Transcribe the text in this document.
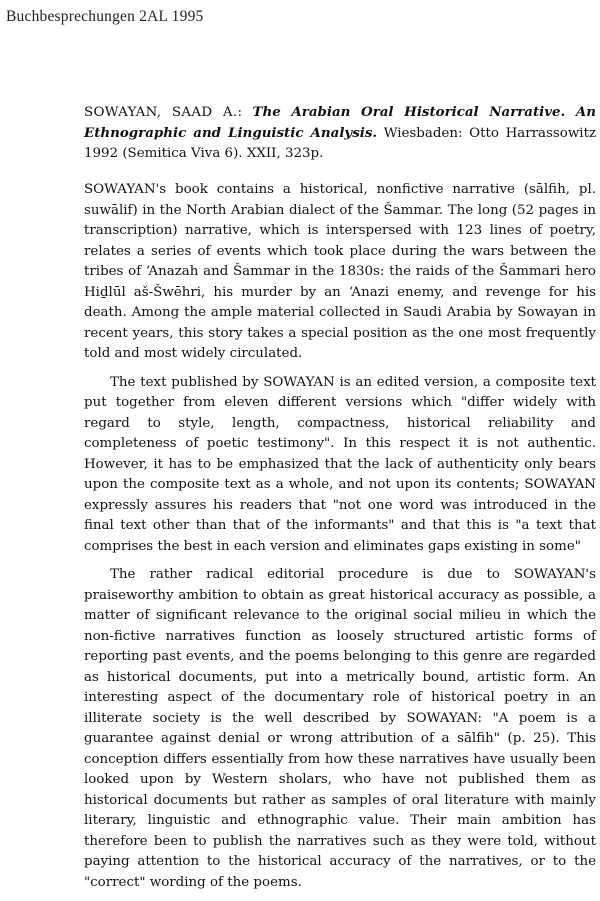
Buchbesprechungen 2AL 1995
SOWAYAN, SAAD A.: The Arabian Oral Historical Narrative. An Ethnographic and Linguistic Analysis. Wiesbaden: Otto Harrassowitz 1992 (Semitica Viva 6). XXII, 323p.

SOWAYAN's book contains a historical, nonfictive narrative (sālfih, pl. suwālif) in the North Arabian dialect of the Šammar. The long (52 pages in transcription) narrative, which is interspersed with 123 lines of poetry, relates a series of events which took place during the wars between the tribes of ‘Anazah and Šammar in the 1830s: the raids of the Šammari hero Hiḏlūl aš-Šwēhri, his murder by an ‘Anazi enemy, and revenge for his death. Among the ample material collected in Saudi Arabia by Sowayan in recent years, this story takes a special position as the one most frequently told and most widely circulated.

The text published by SOWAYAN is an edited version, a composite text put together from eleven different versions which "differ widely with regard to style, length, compactness, historical reliability and completeness of poetic testimony". In this respect it is not authentic. However, it has to be emphasized that the lack of authenticity only bears upon the composite text as a whole, and not upon its contents; SOWAYAN expressly assures his readers that "not one word was introduced in the final text other than that of the informants" and that this is "a text that comprises the best in each version and eliminates gaps existing in some"

The rather radical editorial procedure is due to SOWAYAN's praiseworthy ambition to obtain as great historical accuracy as possible, a matter of significant relevance to the original social milieu in which the non-fictive narratives function as loosely structured artistic forms of reporting past events, and the poems belonging to this genre are regarded as historical documents, put into a metrically bound, artistic form. An interesting aspect of the documentary role of historical poetry in an illiterate society is the well described by SOWAYAN: "A poem is a guarantee against denial or wrong attribution of a sālfih" (p. 25). This conception differs essentially from how these narratives have usually been looked upon by Western sholars, who have not published them as historical documents but rather as samples of oral literature with mainly literary, linguistic and ethnographic value. Their main ambition has therefore been to publish the narratives such as they were told, without paying attention to the historical accuracy of the narratives, or to the "correct" wording of the poems.
